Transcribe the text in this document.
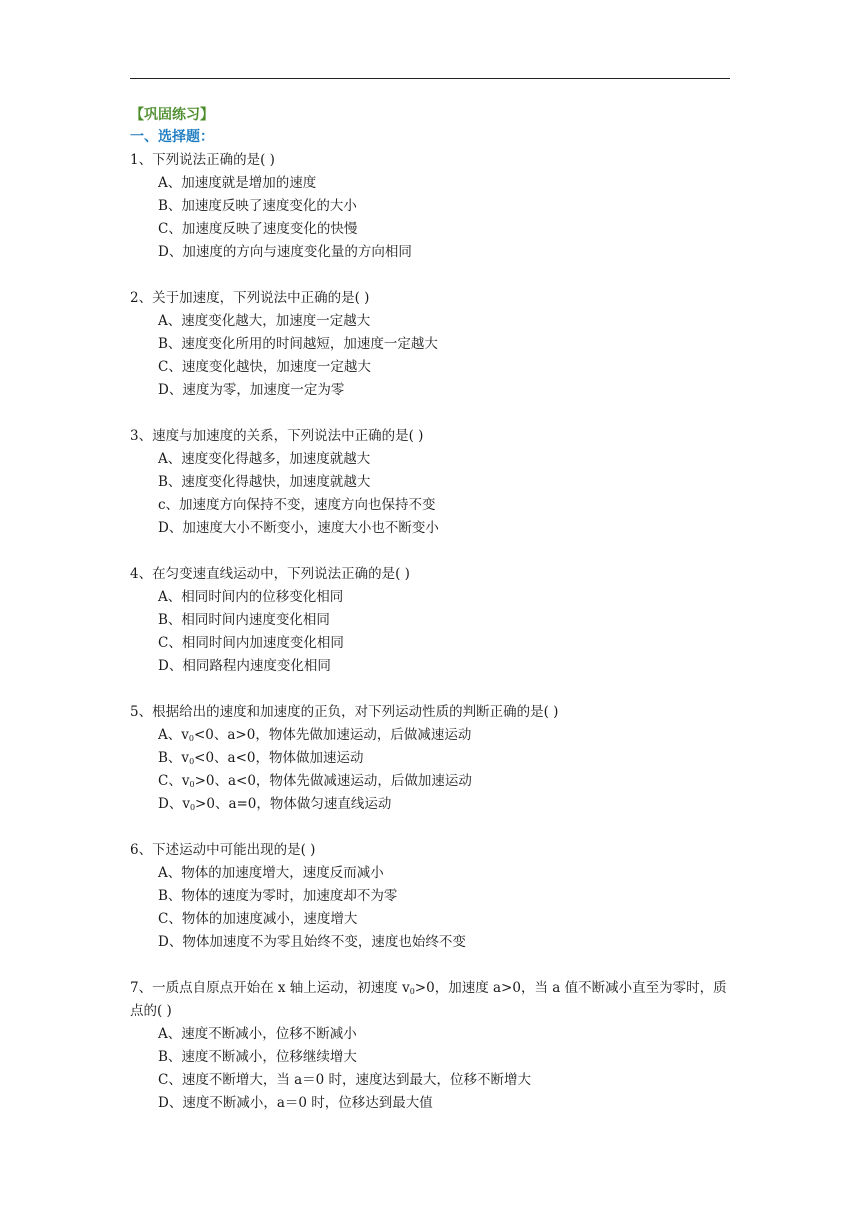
【巩固练习】
一、选择题：
1、下列说法正确的是( )
A、加速度就是增加的速度
B、加速度反映了速度变化的大小
C、加速度反映了速度变化的快慢
D、加速度的方向与速度变化量的方向相同
2、关于加速度，下列说法中正确的是( )
A、速度变化越大，加速度一定越大
B、速度变化所用的时间越短，加速度一定越大
C、速度变化越快，加速度一定越大
D、速度为零，加速度一定为零
3、速度与加速度的关系，下列说法中正确的是( )
A、速度变化得越多，加速度就越大
B、速度变化得越快，加速度就越大
c、加速度方向保持不变，速度方向也保持不变
D、加速度大小不断变小，速度大小也不断变小
4、在匀变速直线运动中，下列说法正确的是( )
A、相同时间内的位移变化相同
B、相同时间内速度变化相同
C、相同时间内加速度变化相同
D、相同路程内速度变化相同
5、根据给出的速度和加速度的正负，对下列运动性质的判断正确的是( )
A、$v_0<0$、a>0，物体先做加速运动，后做减速运动
B、$v_0<0$、a<0，物体做加速运动
C、$v_0>0$、a<0，物体先做减速运动，后做加速运动
D、$v_0>0$、a=0，物体做匀速直线运动
6、下述运动中可能出现的是( )
A、物体的加速度增大，速度反而减小
B、物体的速度为零时，加速度却不为零
C、物体的加速度减小，速度增大
D、物体加速度不为零且始终不变，速度也始终不变
7、一质点自原点开始在 x 轴上运动，初速度 $v_0>0$，加速度 a>0，当 a 值不断减小直至为零时，质点的( )
A、速度不断减小，位移不断减小
B、速度不断减小，位移继续增大
C、速度不断增大，当 a＝0 时，速度达到最大，位移不断增大
D、速度不断减小，a＝0 时，位移达到最大值
